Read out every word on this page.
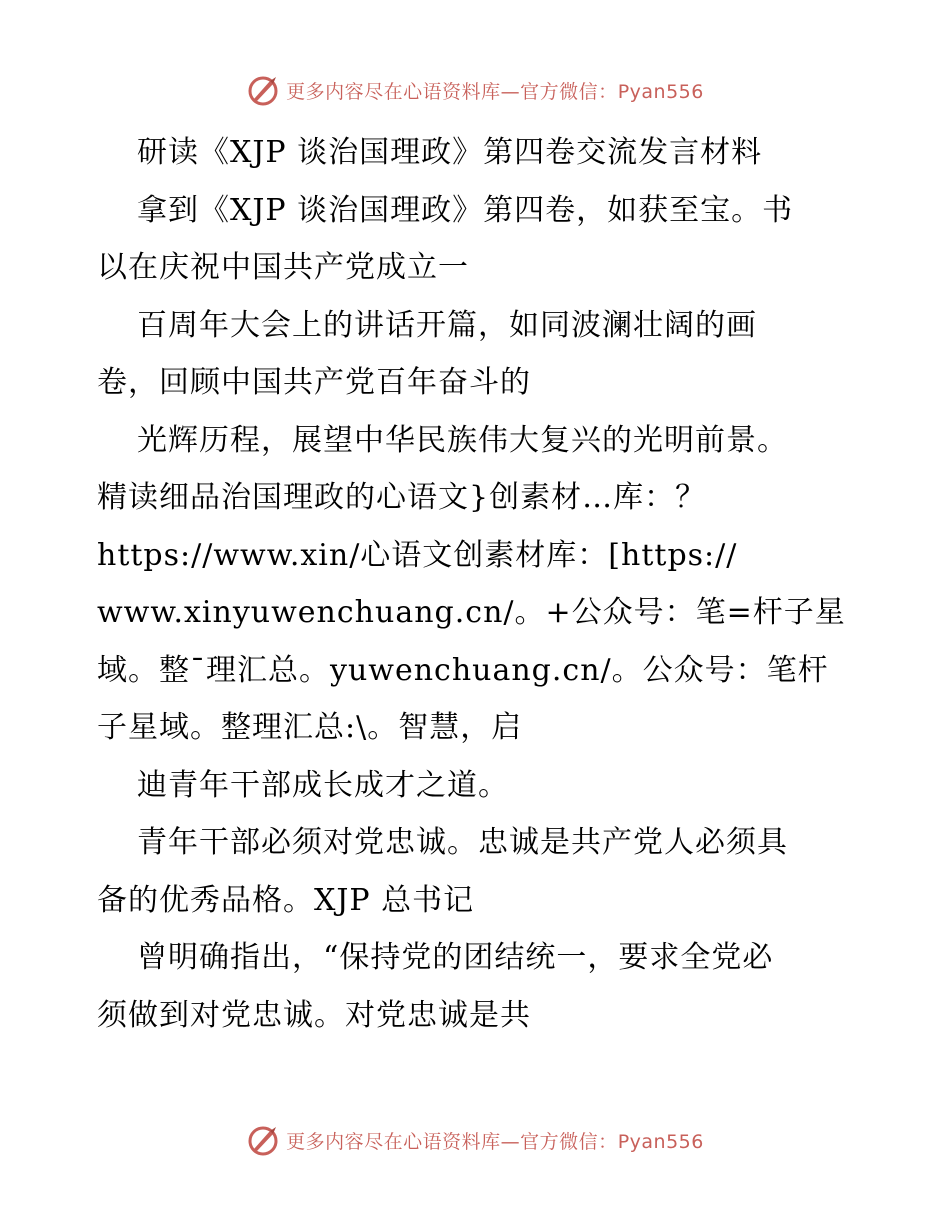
更多内容尽在心语资料库—官方微信：Pyan556
研读《XJP 谈治国理政》第四卷交流发言材料
拿到《XJP 谈治国理政》第四卷，如获至宝。书
以在庆祝中国共产党成立一
百周年大会上的讲话开篇，如同波澜壮阔的画
卷，回顾中国共产党百年奋斗的
光辉历程，展望中华民族伟大复兴的光明前景。
精读细品治国理政的心语文}创素材…库：？
https://www.xin/心语文创素材库：[https://
www.xinyuwenchuang.cn/。+公众号：笔=杆子星
域。整¯理汇总。yuwenchuang.cn/。公众号：笔杆
子星域。整理汇总:\。智慧，启
迪青年干部成长成才之道。
青年干部必须对党忠诚。忠诚是共产党人必须具
备的优秀品格。XJP 总书记
曾明确指出，“保持党的团结统一，要求全党必
须做到对党忠诚。对党忠诚是共
更多内容尽在心语资料库—官方微信：Pyan556
